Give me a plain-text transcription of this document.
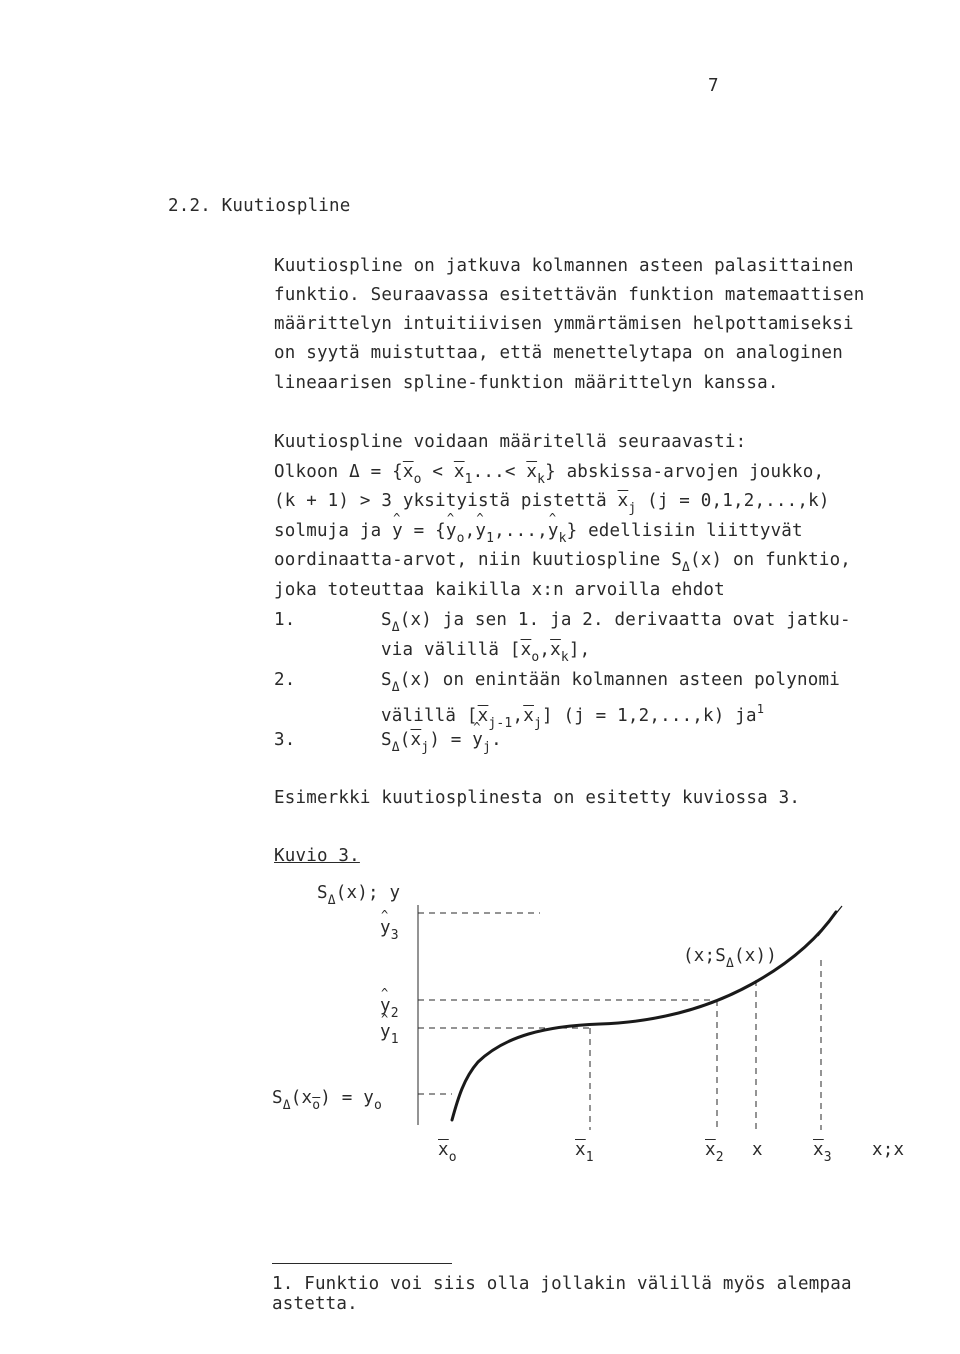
7
2.2. Kuutiospline
Kuutiospline on jatkuva kolmannen asteen palasittainen
funktio. Seuraavassa esitettävän funktion matemaattisen
määrittelyn intuitiivisen ymmärtämisen helpottamiseksi
on syytä muistuttaa, että menettelytapa on analoginen
lineaarisen spline-funktion määrittelyn kanssa.
Kuutiospline voidaan määritellä seuraavasti:
Olkoon $\Delta = \{\overline{x}_o < \overline{x}_1...< \overline{x}_k\}$ abskissa-arvojen joukko,
(k + 1) > 3 yksityistä pistettä $\overline{x}_j$ (j = 0,1,2,...,k)
solmuja ja ^ y = {^ $y_o,\^{}$ $y_1,...,\^{}$ $y_k$} edellisiin liittyvät
oordinaatta-arvot, niin kuutiospline $S_\Delta(x)$ on funktio,
joka toteuttaa kaikilla x:n arvoilla ehdot
1.	$S_\Delta(x)$ ja sen 1. ja 2. derivaatta ovat jatku-
via välillä $[\overline{x}_o,\overline{x}_k]$,
2.	$S_\Delta(x)$ on enintään kolmannen asteen polynomi
välillä $[\overline{x}_{j-1},\overline{x}_j] (j = 1,2,...,k)$ $ja^1$
3.	$S_\Delta(\overline{x}_j)$ = ^ $y_j$.
Esimerkki kuutiosplinesta on esitetty kuviossa 3.
Kuvio 3.
$S_\Delta(x)$; y
^ $y_3$
^ $y_2$
^ $y_1$
$S_\Delta(x_{\overline{o}}) = y_o$
$(x;S_\Delta(x))$
$\overline{x}_o$	$\overline{x}_1$	$\overline{x}_2$ x	$\overline{x}_3$ x;x
1. Funktio voi siis olla jollakin välillä myös alempaa
astetta.
